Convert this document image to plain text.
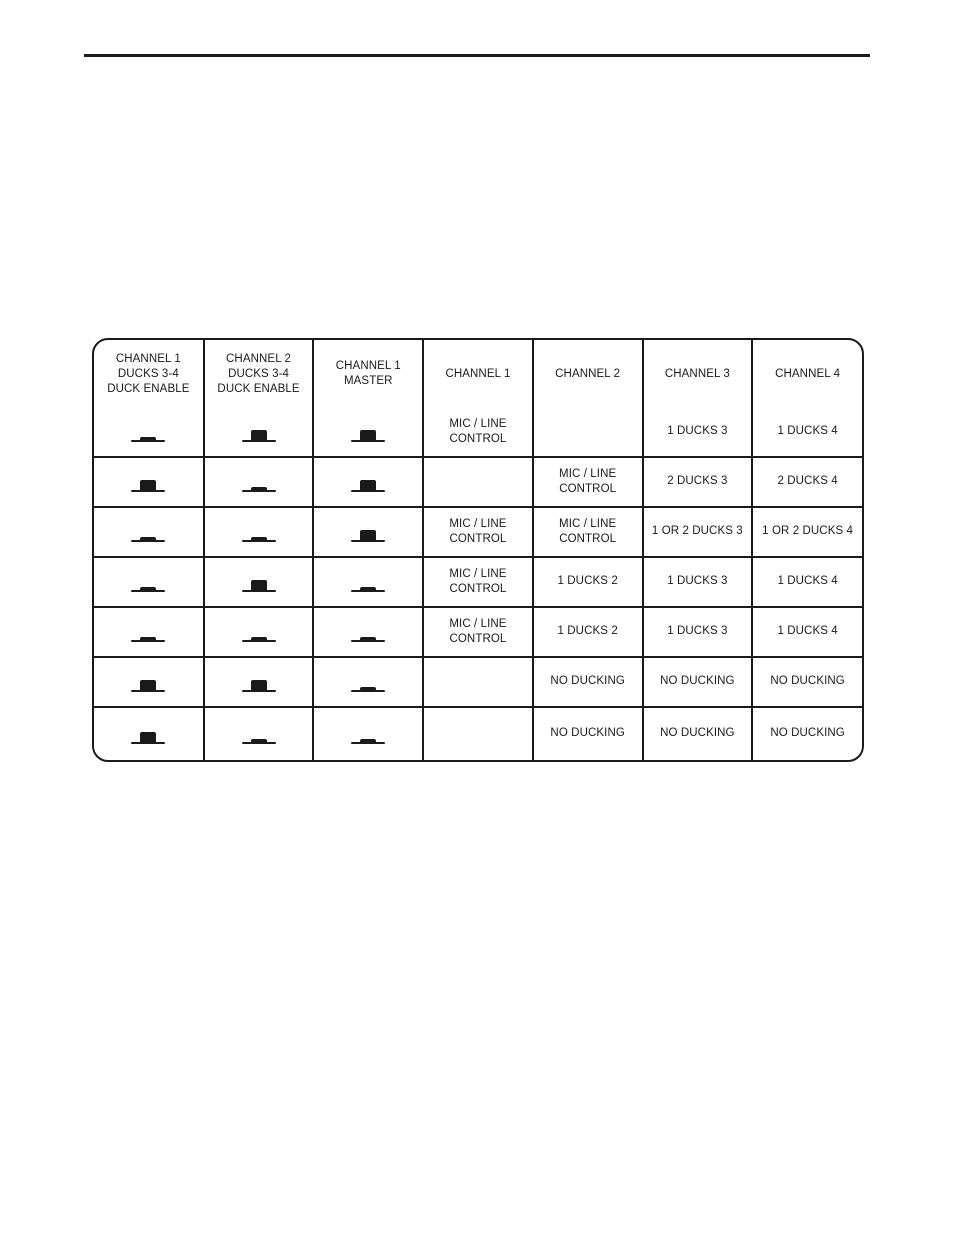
CHANNEL 1
DUCKS 3-4
DUCK ENABLE	CHANNEL 2
DUCKS 3-4
DUCK ENABLE	CHANNEL 1
MASTER	CHANNEL 1	CHANNEL 2	CHANNEL 3	CHANNEL 4

			MIC / LINE
CONTROL		1 DUCKS 3	1 DUCKS 4

				MIC / LINE
CONTROL	2 DUCKS 3	2 DUCKS 4

			MIC / LINE
CONTROL	MIC / LINE
CONTROL	1 OR 2 DUCKS 3	1 OR 2 DUCKS 4

			MIC / LINE
CONTROL	1 DUCKS 2	1 DUCKS 3	1 DUCKS 4

			MIC / LINE
CONTROL	1 DUCKS 2	1 DUCKS 3	1 DUCKS 4

				NO DUCKING	NO DUCKING	NO DUCKING

				NO DUCKING	NO DUCKING	NO DUCKING
